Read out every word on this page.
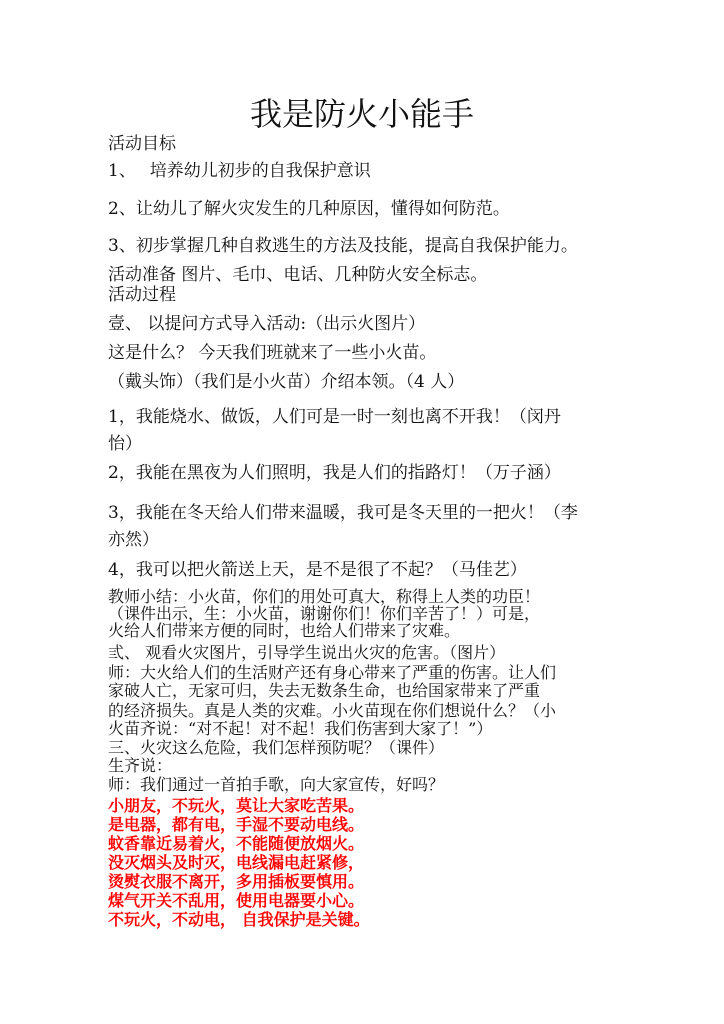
我是防火小能手
活动目标
1、　 培养幼儿初步的自我保护意识
2、让幼儿了解火灾发生的几种原因，懂得如何防范。
3、初步掌握几种自救逃生的方法及技能，提高自我保护能力。
活动准备 图片、毛巾、电话、几种防火安全标志。
活动过程
壹、 以提问方式导入活动:（出示火图片）
这是什么？ 今天我们班就来了一些小火苗。
（戴头饰）（我们是小火苗）介绍本领。（4 人）
1，我能烧水、做饭，人们可是一时一刻也离不开我！（闵丹
怡）
2，我能在黑夜为人们照明，我是人们的指路灯！（万子涵）
3，我能在冬天给人们带来温暖，我可是冬天里的一把火！（李
亦然）
4，我可以把火箭送上天，是不是很了不起？（马佳艺）
教师小结：小火苗，你们的用处可真大，称得上人类的功臣！
（课件出示，生：小火苗，谢谢你们！你们辛苦了！）可是，
火给人们带来方便的同时，也给人们带来了灾难。
弎、 观看火灾图片，引导学生说出火灾的危害。（图片）
师：大火给人们的生活财产还有身心带来了严重的伤害。让人们
家破人亡，无家可归，失去无数条生命，也给国家带来了严重
的经济损失。真是人类的灾难。小火苗现在你们想说什么？（小
火苗齐说：“对不起！对不起！我们伤害到大家了！”）
三、火灾这么危险，我们怎样预防呢？（课件）
生齐说：
师：我们通过一首拍手歌，向大家宣传，好吗？
小朋友，不玩火，莫让大家吃苦果。
是电器，都有电，手湿不要动电线。
蚊香靠近易着火，不能随便放烟火。
没灭烟头及时灭，电线漏电赶紧修，
烫熨衣服不离开，多用插板要慎用。
煤气开关不乱用，使用电器要小心。
不玩火，不动电， 自我保护是关键。
